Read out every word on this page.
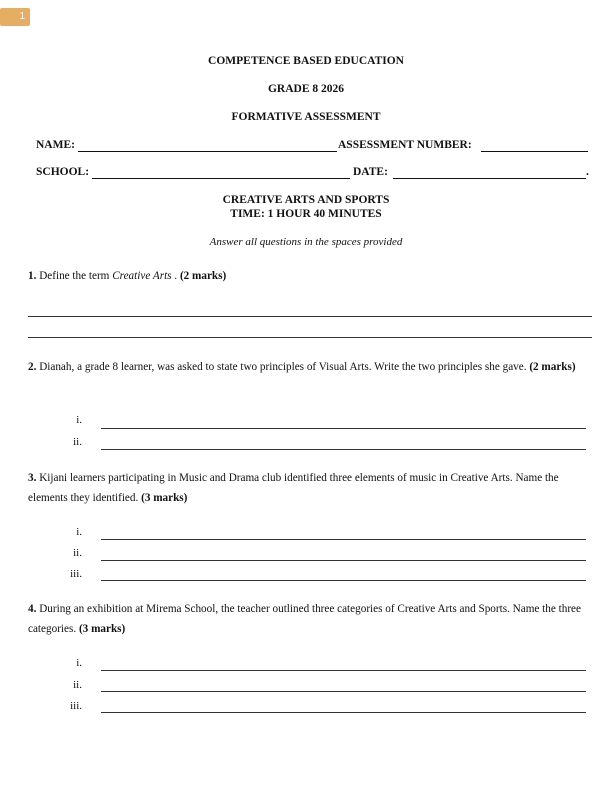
1
COMPETENCE BASED EDUCATION
GRADE 8 2026
FORMATIVE ASSESSMENT
NAME:	ASSESSMENT NUMBER:
SCHOOL:	DATE:	.
CREATIVE ARTS AND SPORTS
TIME: 1 HOUR 40 MINUTES
Answer all questions in the spaces provided
1. Define the term Creative Arts . (2 marks)
2. Dianah, a grade 8 learner, was asked to state two principles of Visual Arts. Write the two principles she gave. (2 marks)
i.
ii.
3. Kijani learners participating in Music and Drama club identified three elements of music in Creative Arts. Name the elements they identified. (3 marks)
i.
ii.
iii.
4. During an exhibition at Mirema School, the teacher outlined three categories of Creative Arts and Sports. Name the three categories. (3 marks)
i.
ii.
iii.
